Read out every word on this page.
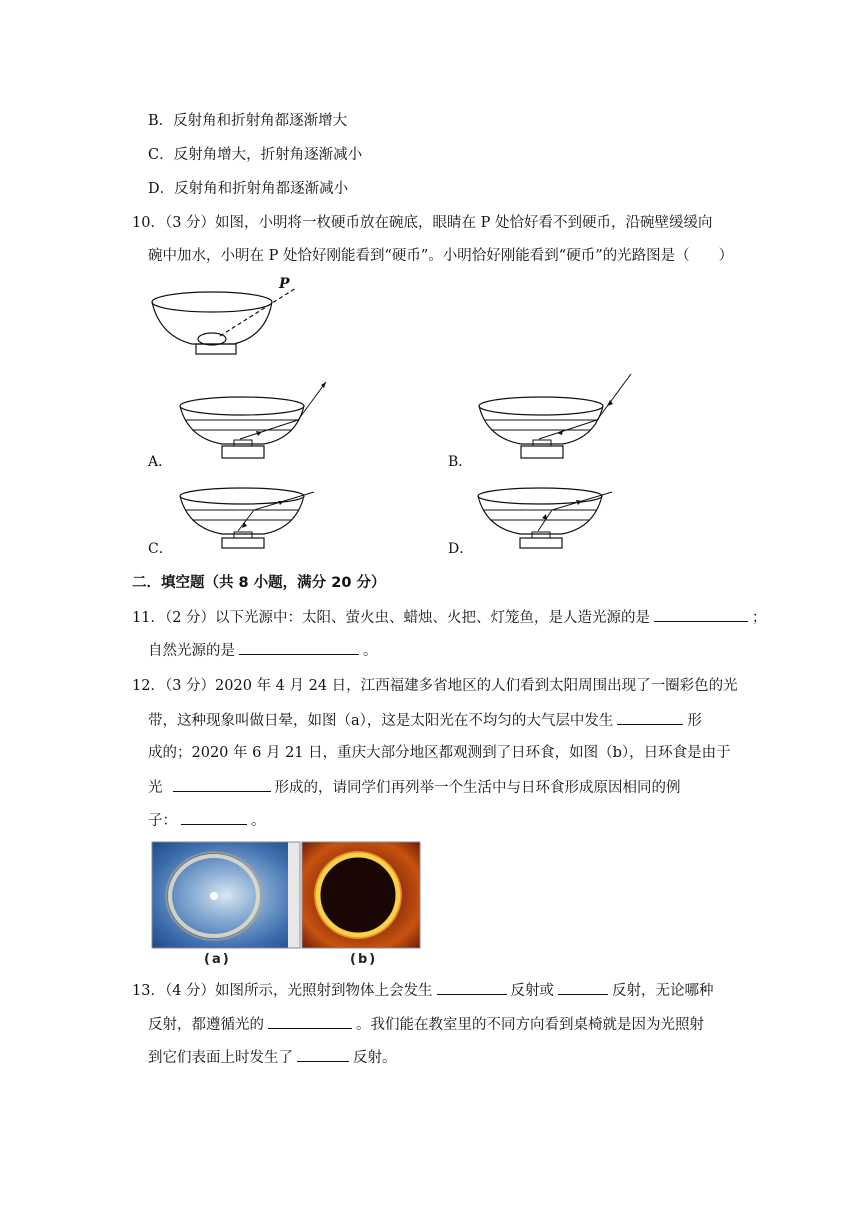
B．反射角和折射角都逐渐增大
C．反射角增大，折射角逐渐减小
D．反射角和折射角都逐渐减小
10．（3 分）如图，小明将一枚硬币放在碗底，眼睛在 P 处恰好看不到硬币，沿碗壁缓缓向
碗中加水，小明在 P 处恰好刚能看到“硬币”。小明恰好刚能看到“硬币”的光路图是（　　）
P
A．	B．
C．	D．
二．填空题（共 8 小题，满分 20 分）
11．（2 分）以下光源中：太阳、萤火虫、蜡烛、火把、灯笼鱼，是人造光源的是	；
自然光源的是	。
12．（3 分）2020 年 4 月 24 日，江西福建多省地区的人们看到太阳周围出现了一圈彩色的光
带，这种现象叫做日晕，如图（a），这是太阳光在不均匀的大气层中发生	形
成的；2020 年 6 月 21 日，重庆大部分地区都观测到了日环食，如图（b），日环食是由于
光	形成的，请同学们再列举一个生活中与日环食形成原因相同的例
子：	。
(a)	(b)
13．（4 分）如图所示，光照射到物体上会发生	反射或	反射，无论哪种
反射，都遵循光的	。我们能在教室里的不同方向看到桌椅就是因为光照射
到它们表面上时发生了	反射。
